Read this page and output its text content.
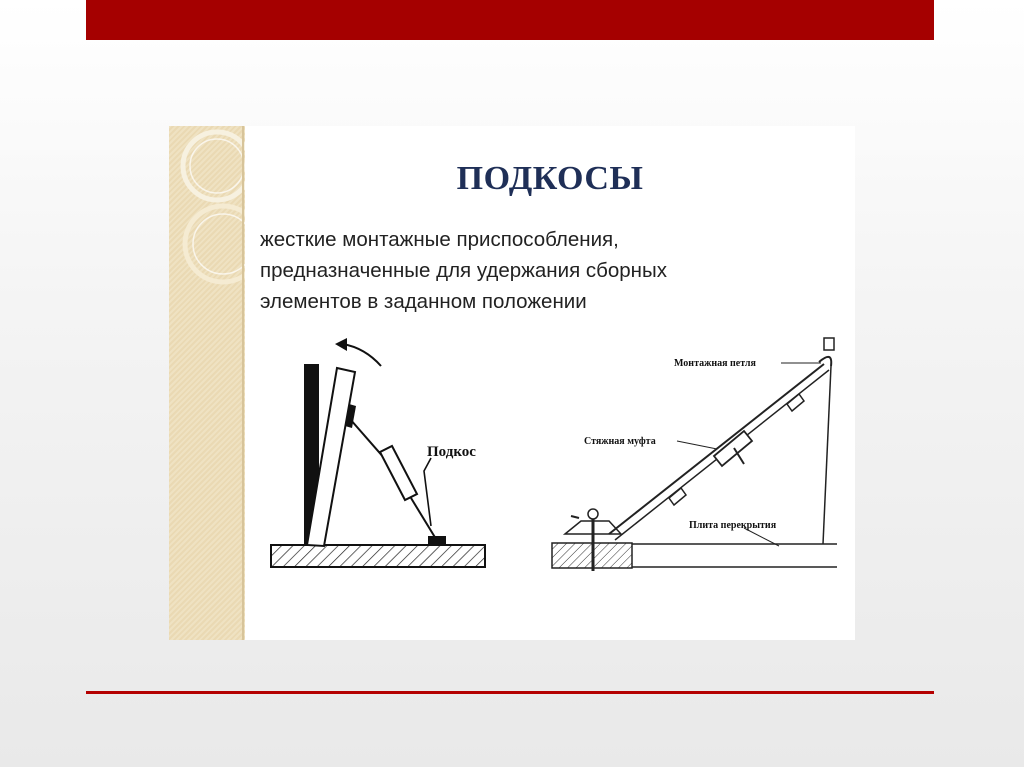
ПОДКОСЫ
жесткие монтажные приспособления,
предназначенные для удержания сборных
элементов в заданном положении
Подкос
Монтажная петля
Стяжная муфта
Плита перекрытия
